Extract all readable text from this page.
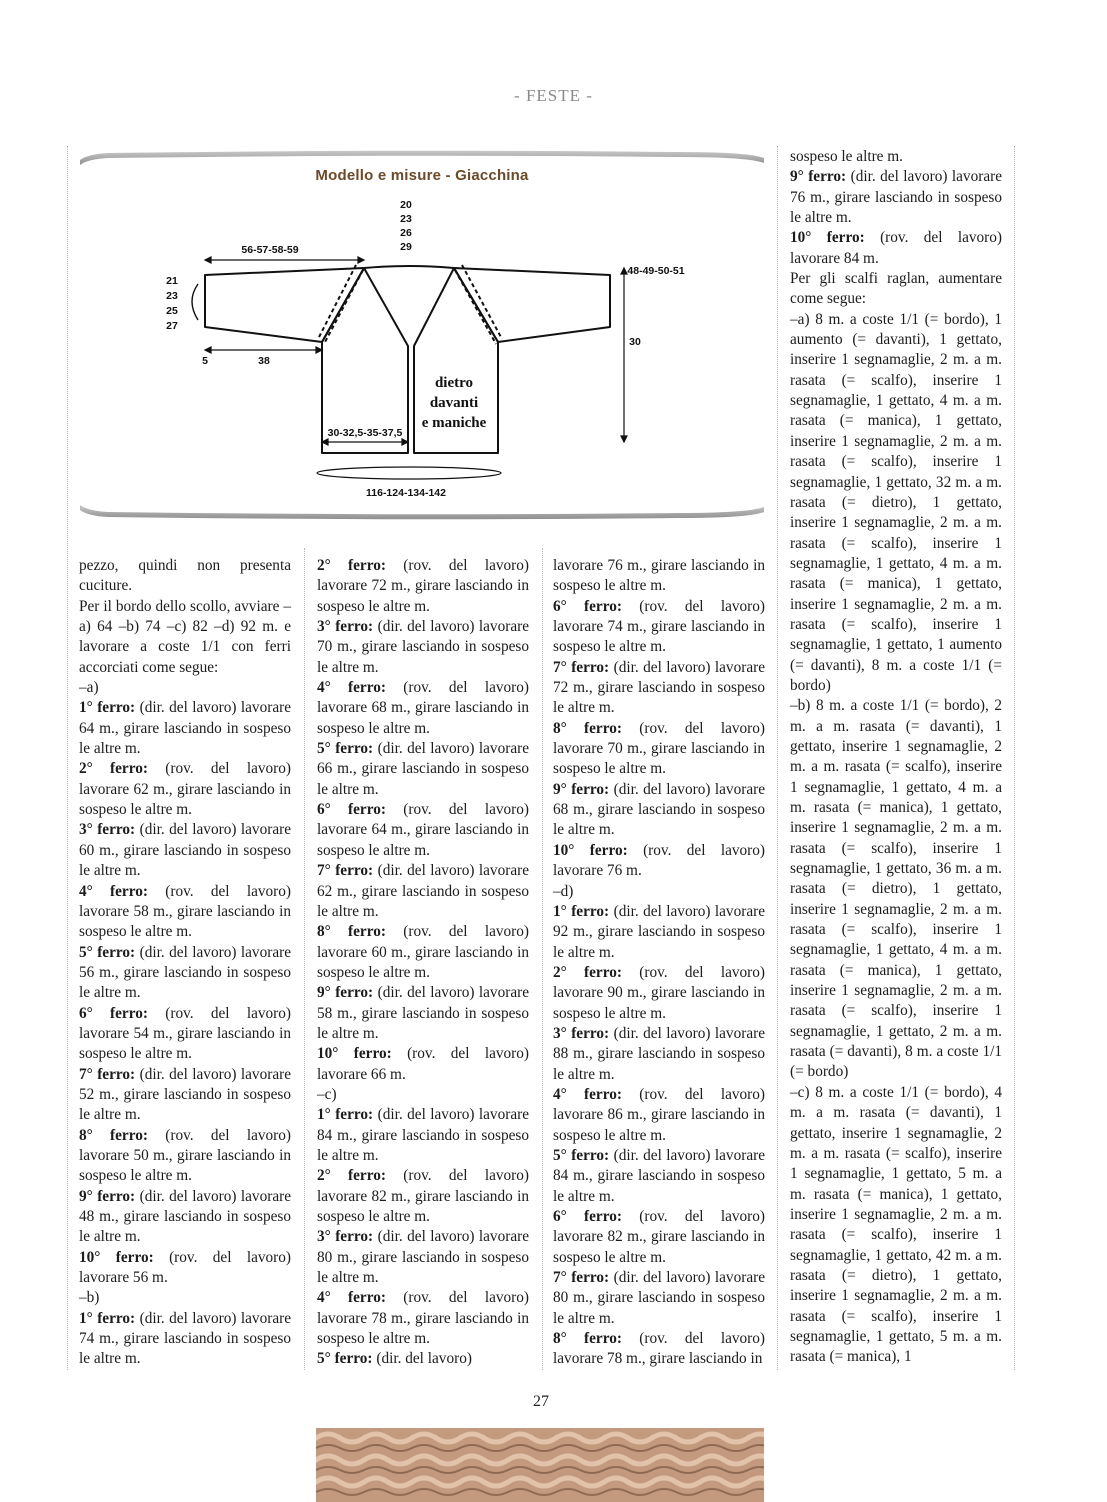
- FESTE -
Modello e misure - Giacchina
20
23
26
29
56-57-58-59
21
23
25
27
48-49-50-51
30
5	38
30-32,5-35-37,5
116-124-134-142
dietro
davanti
e maniche

pezzo, quindi non presenta cuciture.

Per il bordo dello scollo, avviare –a) 64 –b) 74 –c) 82 –d) 92 m. e lavorare a coste 1/1 con ferri accorciati come segue:

–a)

1° ferro: (dir. del lavoro) lavorare 64 m., girare lasciando in sospeso le altre m.

2° ferro: (rov. del lavoro) lavorare 62 m., girare lasciando in sospeso le altre m.

3° ferro: (dir. del lavoro) lavorare 60 m., girare lasciando in sospeso le altre m.

4° ferro: (rov. del lavoro) lavorare 58 m., girare lasciando in sospeso le altre m.

5° ferro: (dir. del lavoro) lavorare 56 m., girare lasciando in sospeso le altre m.

6° ferro: (rov. del lavoro) lavorare 54 m., girare lasciando in sospeso le altre m.

7° ferro: (dir. del lavoro) lavorare 52 m., girare lasciando in sospeso le altre m.

8° ferro: (rov. del lavoro) lavorare 50 m., girare lasciando in sospeso le altre m.

9° ferro: (dir. del lavoro) lavorare 48 m., girare lasciando in sospeso le altre m.

10° ferro: (rov. del lavoro) lavorare 56 m.

–b)

1° ferro: (dir. del lavoro) lavorare 74 m., girare lasciando in sospeso le altre m.

2° ferro: (rov. del lavoro) lavorare 72 m., girare lasciando in sospeso le altre m.

3° ferro: (dir. del lavoro) lavorare 70 m., girare lasciando in sospeso le altre m.

4° ferro: (rov. del lavoro) lavorare 68 m., girare lasciando in sospeso le altre m.

5° ferro: (dir. del lavoro) lavorare 66 m., girare lasciando in sospeso le altre m.

6° ferro: (rov. del lavoro) lavorare 64 m., girare lasciando in sospeso le altre m.

7° ferro: (dir. del lavoro) lavorare 62 m., girare lasciando in sospeso le altre m.

8° ferro: (rov. del lavoro) lavorare 60 m., girare lasciando in sospeso le altre m.

9° ferro: (dir. del lavoro) lavorare 58 m., girare lasciando in sospeso le altre m.

10° ferro: (rov. del lavoro) lavorare 66 m.

–c)

1° ferro: (dir. del lavoro) lavorare 84 m., girare lasciando in sospeso le altre m.

2° ferro: (rov. del lavoro) lavorare 82 m., girare lasciando in sospeso le altre m.

3° ferro: (dir. del lavoro) lavorare 80 m., girare lasciando in sospeso le altre m.

4° ferro: (rov. del lavoro) lavorare 78 m., girare lasciando in sospeso le altre m.

5° ferro: (dir. del lavoro)

lavorare 76 m., girare lasciando in sospeso le altre m.

6° ferro: (rov. del lavoro) lavorare 74 m., girare lasciando in sospeso le altre m.

7° ferro: (dir. del lavoro) lavorare 72 m., girare lasciando in sospeso le altre m.

8° ferro: (rov. del lavoro) lavorare 70 m., girare lasciando in sospeso le altre m.

9° ferro: (dir. del lavoro) lavorare 68 m., girare lasciando in sospeso le altre m.

10° ferro: (rov. del lavoro) lavorare 76 m.

–d)

1° ferro: (dir. del lavoro) lavorare 92 m., girare lasciando in sospeso le altre m.

2° ferro: (rov. del lavoro) lavorare 90 m., girare lasciando in sospeso le altre m.

3° ferro: (dir. del lavoro) lavorare 88 m., girare lasciando in sospeso le altre m.

4° ferro: (rov. del lavoro) lavorare 86 m., girare lasciando in sospeso le altre m.

5° ferro: (dir. del lavoro) lavorare 84 m., girare lasciando in sospeso le altre m.

6° ferro: (rov. del lavoro) lavorare 82 m., girare lasciando in sospeso le altre m.

7° ferro: (dir. del lavoro) lavorare 80 m., girare lasciando in sospeso le altre m.

8° ferro: (rov. del lavoro) lavorare 78 m., girare lasciando in

sospeso le altre m.

9° ferro: (dir. del lavoro) lavorare 76 m., girare lasciando in sospeso le altre m.

10° ferro: (rov. del lavoro) lavorare 84 m.

Per gli scalfi raglan, aumentare come segue:

–a) 8 m. a coste 1/1 (= bordo), 1 aumento (= davanti), 1 gettato, inserire 1 segnamaglie, 2 m. a m. rasata (= scalfo), inserire 1 segnamaglie, 1 gettato, 4 m. a m. rasata (= manica), 1 gettato, inserire 1 segnamaglie, 2 m. a m. rasata (= scalfo), inserire 1 segnamaglie, 1 gettato, 32 m. a m. rasata (= dietro), 1 gettato, inserire 1 segnamaglie, 2 m. a m. rasata (= scalfo), inserire 1 segnamaglie, 1 gettato, 4 m. a m. rasata (= manica), 1 gettato, inserire 1 segnamaglie, 2 m. a m. rasata (= scalfo), inserire 1 segnamaglie, 1 gettato, 1 aumento (= davanti), 8 m. a coste 1/1 (= bordo)

–b) 8 m. a coste 1/1 (= bordo), 2 m. a m. rasata (= davanti), 1 gettato, inserire 1 segnamaglie, 2 m. a m. rasata (= scalfo), inserire 1 segnamaglie, 1 gettato, 4 m. a m. rasata (= manica), 1 gettato, inserire 1 segnamaglie, 2 m. a m. rasata (= scalfo), inserire 1 segnamaglie, 1 gettato, 36 m. a m. rasata (= dietro), 1 gettato, inserire 1 segnamaglie, 2 m. a m. rasata (= scalfo), inserire 1 segnamaglie, 1 gettato, 4 m. a m. rasata (= manica), 1 gettato, inserire 1 segnamaglie, 2 m. a m. rasata (= scalfo), inserire 1 segnamaglie, 1 gettato, 2 m. a m. rasata (= davanti), 8 m. a coste 1/1 (= bordo)

–c) 8 m. a coste 1/1 (= bordo), 4 m. a m. rasata (= davanti), 1 gettato, inserire 1 segnamaglie, 2 m. a m. rasata (= scalfo), inserire 1 segnamaglie, 1 gettato, 5 m. a m. rasata (= manica), 1 gettato, inserire 1 segnamaglie, 2 m. a m. rasata (= scalfo), inserire 1 segnamaglie, 1 gettato, 42 m. a m. rasata (= dietro), 1 gettato, inserire 1 segnamaglie, 2 m. a m. rasata (= scalfo), inserire 1 segnamaglie, 1 gettato, 5 m. a m. rasata (= manica), 1

27
